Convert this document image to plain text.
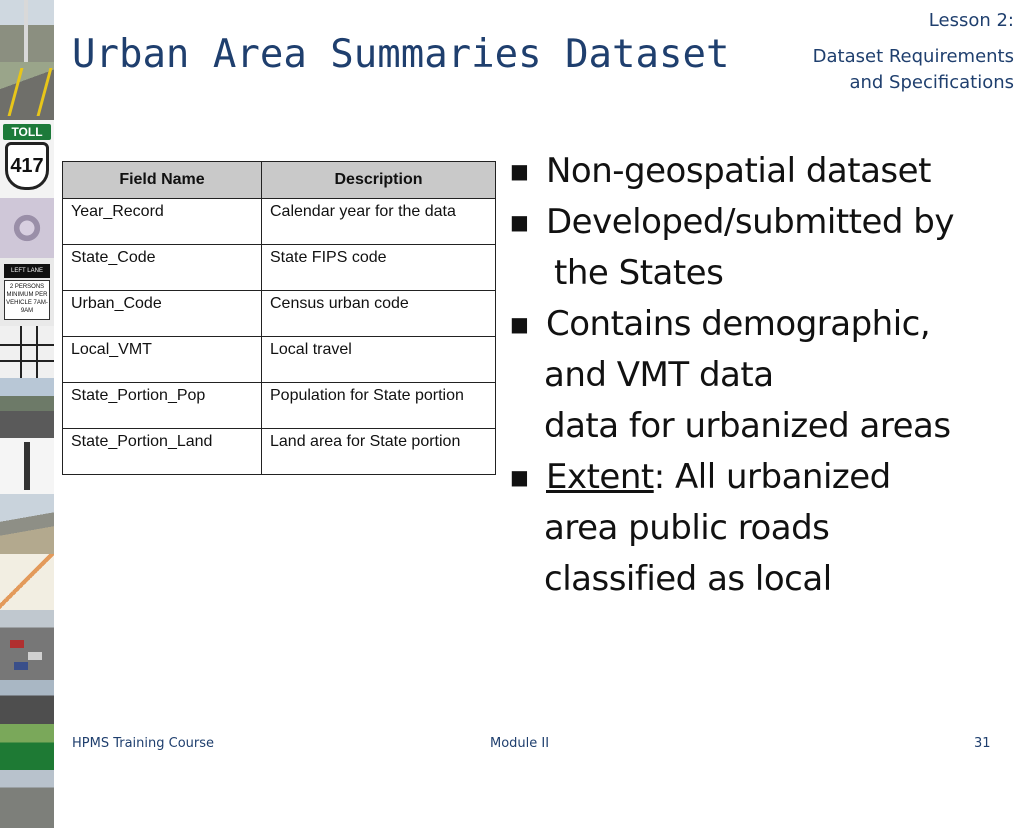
TOLL
417
LEFT LANE
2 PERSONS MINIMUM PER VEHICLE 7AM-9AM
Urban Area Summaries Dataset
Lesson 2:
Dataset Requirements
and Specifications
Field Name	Description
Year_Record	Calendar year for the data
State_Code	State FIPS code
Urban_Code	Census urban code
Local_VMT	Local travel
State_Portion_Pop	Population for State portion
State_Portion_Land	Land area for State portion
■ Non-geospatial dataset
■ Developed/submitted by
the States
■ Contains demographic,
and VMT data
data for urbanized areas
■ Extent: All urbanized
area public roads
classified as local
HPMS Training Course	Module II	31
